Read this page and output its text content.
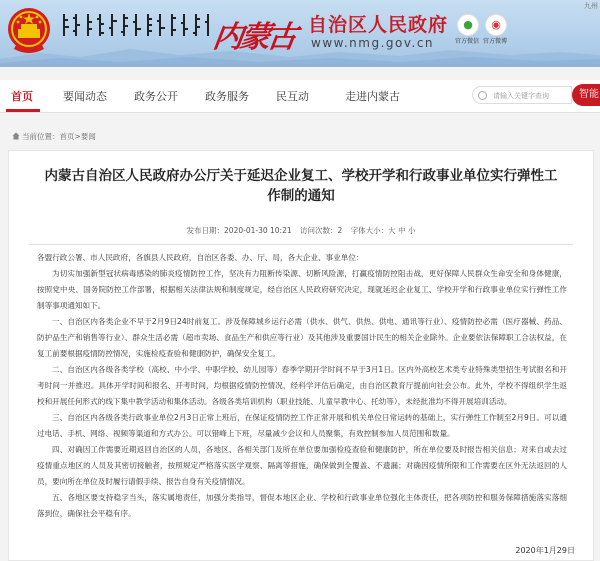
内蒙古 自治区人民政府
www.nmg.gov.cn
●
官方微信
◉
官方微博
九州
首页	要闻动态 政务公开 政务服务 民互动	走进内蒙古	请输入关键字查询	智能
当前位置：首页>要闻
内蒙古自治区人民政府办公厅关于延迟企业复工、学校开学和行政事业单位实行弹性工作制的通知
发布日期：2020-01-30 10:21 访问次数：2 字体大小：大 中 小

各盟行政公署、市人民政府，各旗县人民政府，自治区各委、办、厅、局，各大企业、事业单位：

为切实加强新型冠状病毒感染的肺炎疫情防控工作，坚决有力阻断传染源、切断风险源，打赢疫情防控阻击战，更好保障人民群众生命安全和身体健康，按照党中央、国务院防控工作部署，根据相关法律法规和制度规定，经自治区人民政府研究决定，现就延迟企业复工、学校开学和行政事业单位实行弹性工作制等事项通知如下。

一、自治区内各类企业不早于2月9日24时前复工。涉及保障城乡运行必需（供水、供气、供热、供电、通讯等行业）、疫情防控必需（医疗器械、药品、防护品生产和销售等行业）、群众生活必需（超市卖场、食品生产和供应等行业）及其他涉及重要国计民生的相关企业除外。企业要依法保障职工合法权益，在复工前要根据疫情防控情况，实施检疫查验和健康防护，确保安全复工。

二、自治区内各级各类学校（高校、中小学、中职学校、幼儿园等）春季学期开学时间不早于3月1日。区内外高校艺术类专业特殊类型招生考试报名和开考时间一并推迟。具体开学时间和报名、开考时间，均根据疫情防控情况，经科学评估后确定，由自治区教育厅提前向社会公布。此外，学校不得组织学生返校和开展任何形式的线下集中教学活动和集体活动。各级各类培训机构（职业技能、儿童早教中心、托幼等），未经批准均不得开展培训活动。

三、自治区内各级各类行政事业单位2月3日正常上班后，在保证疫情防控工作正常开展和机关单位日常运转的基础上，实行弹性工作制至2月9日。可以通过电话、手机、网络、视频等渠道和方式办公。可以错峰上下班，尽量减少会议和人员聚集，有效控制参加人员范围和数量。

四、对确因工作需要近期返回自治区的人员，各地区、各相关部门及所在单位要加强检疫查验和健康防护，所在单位要及时报告相关信息；对来自或去过疫情重点地区的人员及其密切接触者，按照规定严格落实医学观察、隔离等措施，确保做到全覆盖、不遗漏；对确因疫情所限和工作需要在区外无法返回的人员，要向所在单位及时履行请假手续、报告自身有关疫情情况。

五、各地区要支持稳字当头，落实属地责任，加强分类指导，督促本地区企业、学校和行政事业单位强化主体责任，把各项防控和服务保障措施落实落细落到位，确保社会平稳有序。

2020年1月29日
